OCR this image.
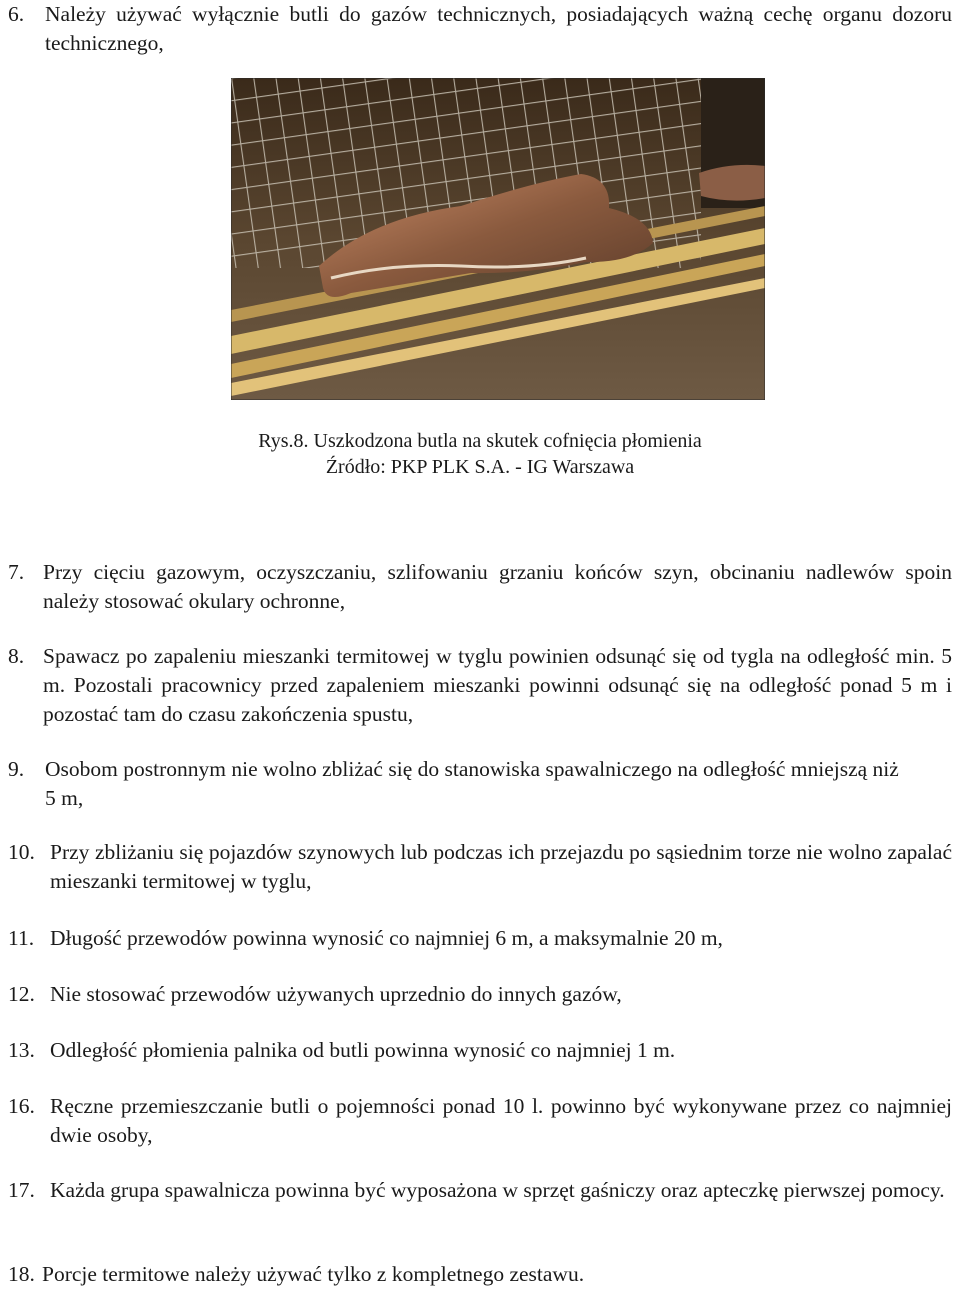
6. Należy używać wyłącznie butli do gazów technicznych, posiadających ważną cechę organu dozoru technicznego,
Rys.8. Uszkodzona butla na skutek cofnięcia płomienia
Źródło: PKP PLK S.A. - IG Warszawa
7. Przy cięciu gazowym, oczyszczaniu, szlifowaniu grzaniu końców szyn, obcinaniu nadlewów spoin należy stosować okulary ochronne,
8. Spawacz po zapaleniu mieszanki termitowej w tyglu powinien odsunąć się od tygla na odległość min. 5 m. Pozostali pracownicy przed zapaleniem mieszanki powinni odsunąć się na odległość ponad 5 m i pozostać tam do czasu zakończenia spustu,
9. Osobom postronnym nie wolno zbliżać się do stanowiska spawalniczego na odległość mniejszą niż 5 m,
10. Przy zbliżaniu się pojazdów szynowych lub podczas ich przejazdu po sąsiednim torze nie wolno zapalać mieszanki termitowej w tyglu,
11. Długość przewodów powinna wynosić co najmniej 6 m, a maksymalnie 20 m,
12. Nie stosować przewodów używanych uprzednio do innych gazów,
13. Odległość płomienia palnika od butli powinna wynosić co najmniej 1 m.
16. Ręczne przemieszczanie butli o pojemności ponad 10 l. powinno być wykonywane przez co najmniej dwie osoby,
17. Każda grupa spawalnicza powinna być wyposażona w sprzęt gaśniczy oraz apteczkę pierwszej pomocy.
18. Porcje termitowe należy używać tylko z kompletnego zestawu.
